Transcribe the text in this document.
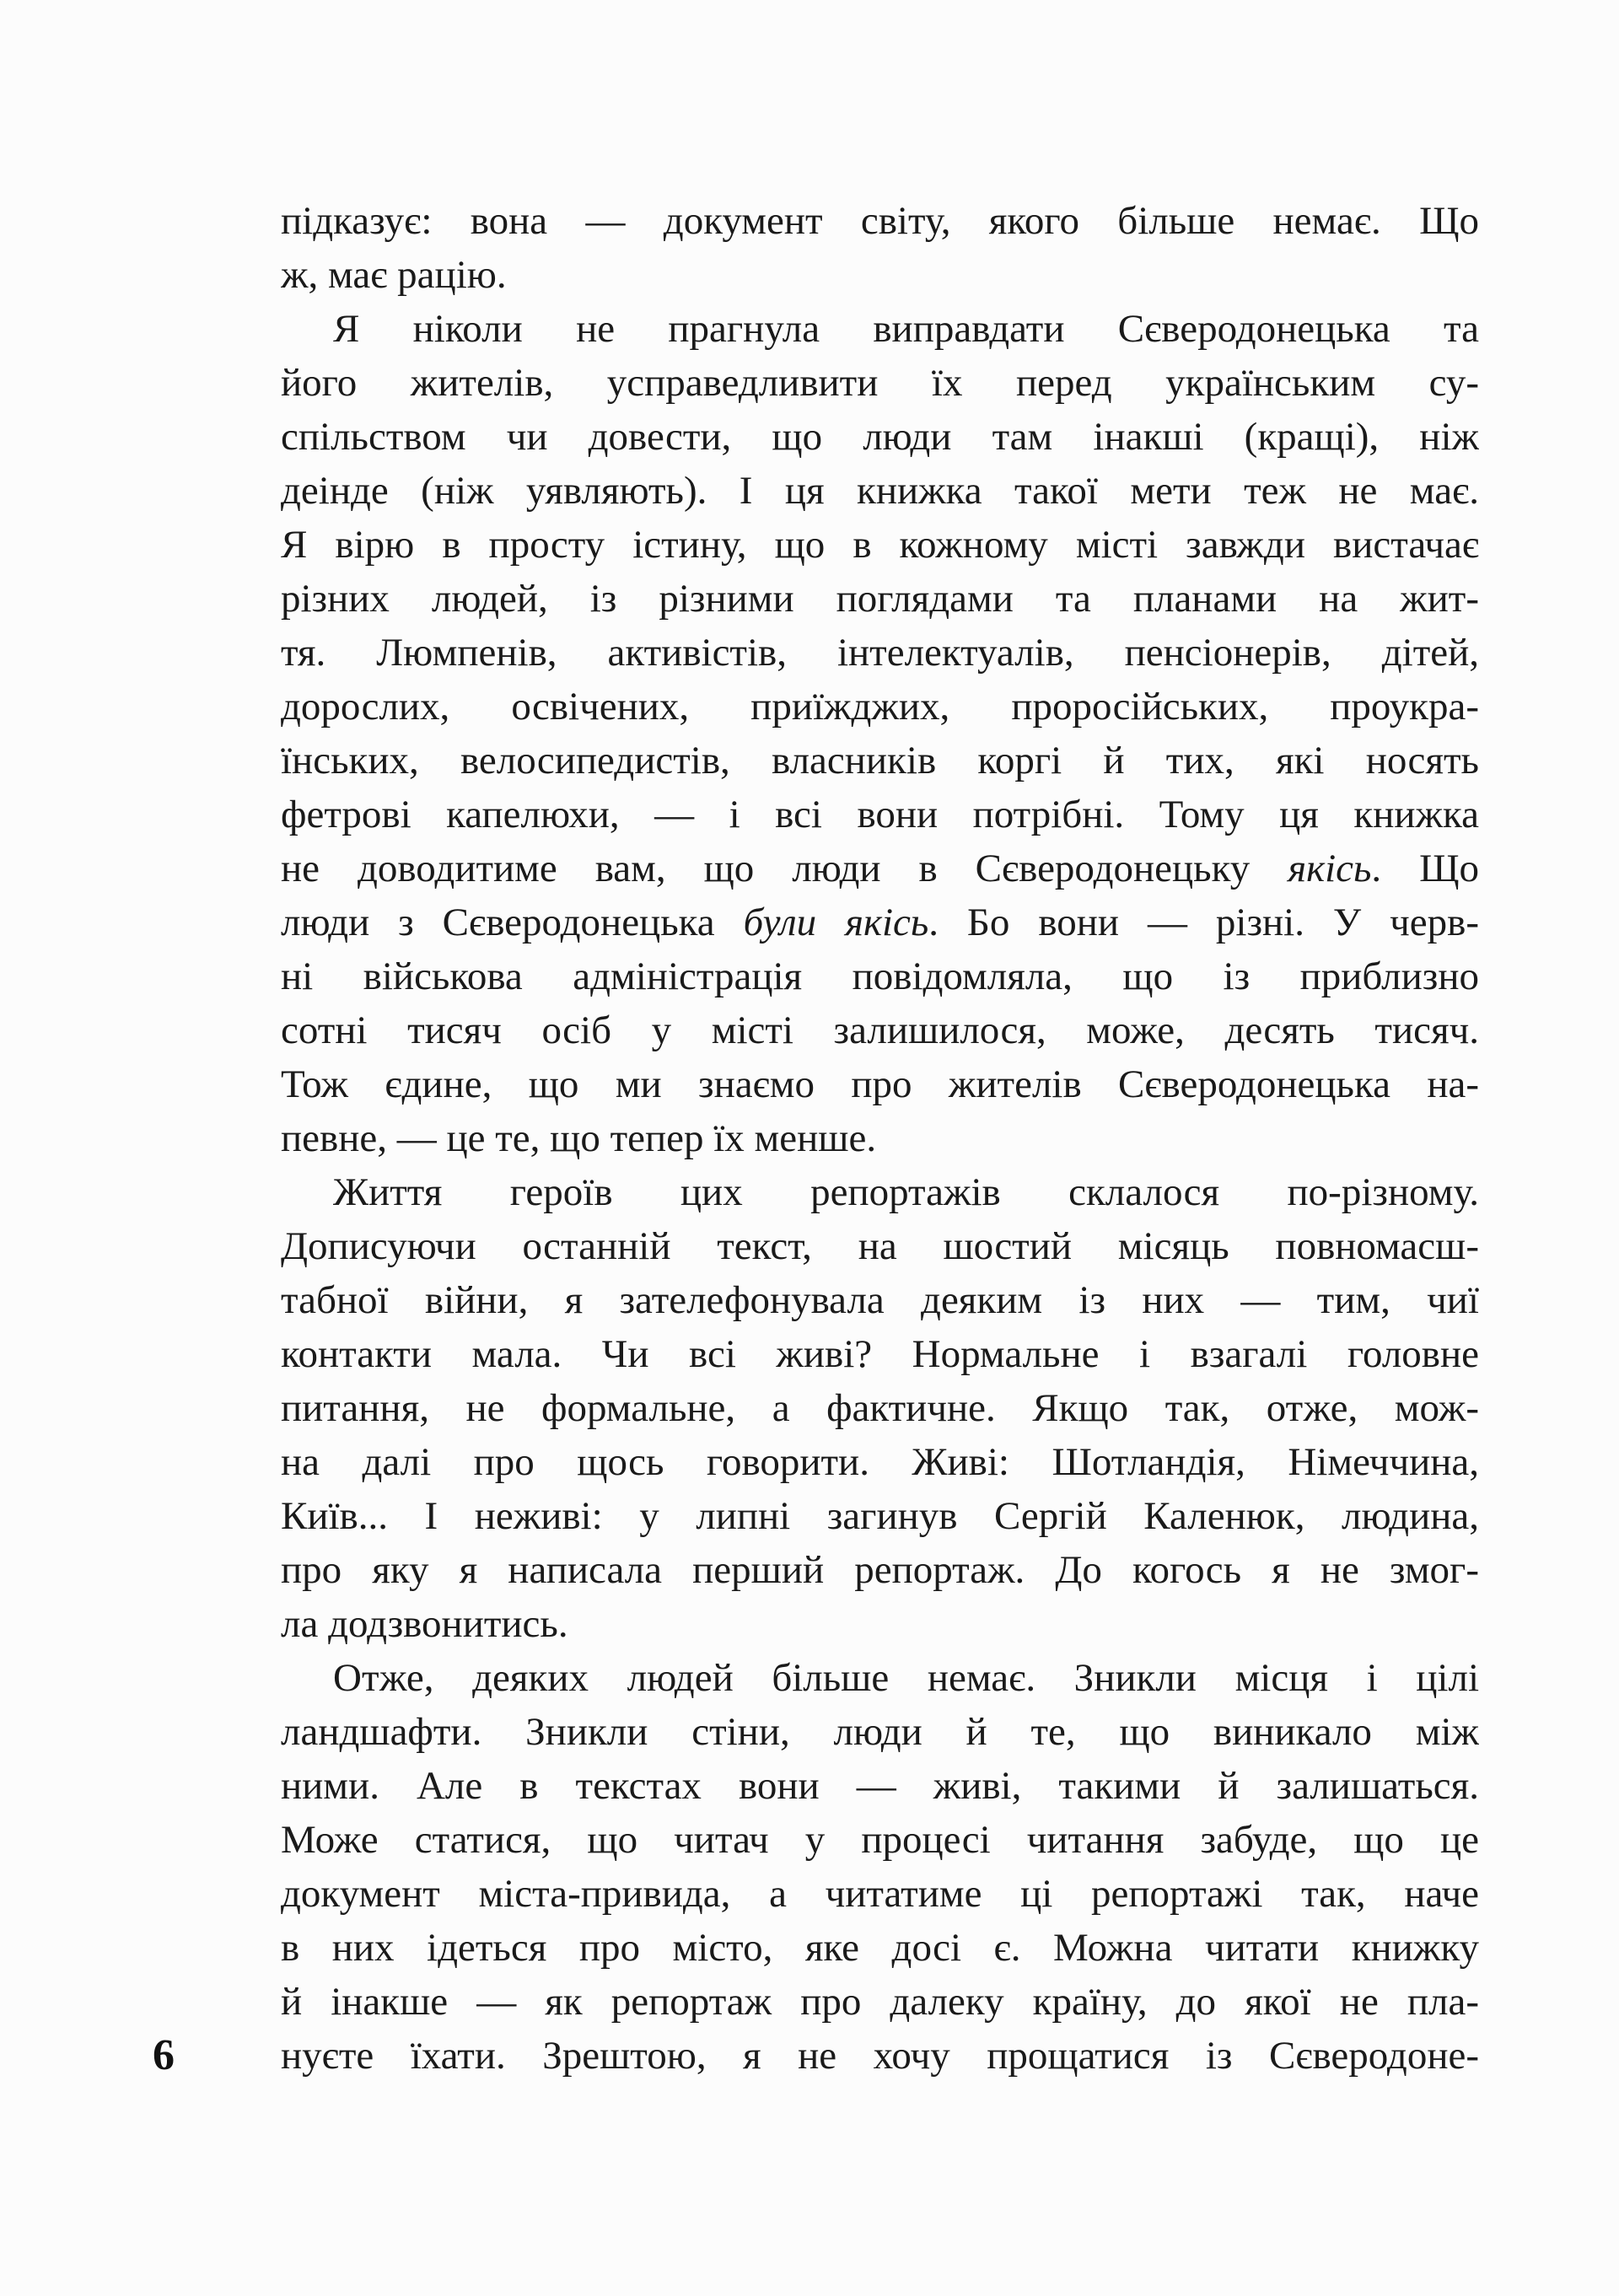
6
підказує: вона — документ світу, якого більше немає. Що
ж, має рацію.
Я ніколи не прагнула виправдати Сєверодонецька та
його жителів, усправедливити їх перед українським су-
спільством чи довести, що люди там інакші (кращі), ніж
деінде (ніж уявляють). І ця книжка такої мети теж не має.
Я вірю в просту істину, що в кожному місті завжди вистачає
різних людей, із різними поглядами та планами на жит-
тя. Люмпенів, активістів, інтелектуалів, пенсіонерів, дітей,
дорослих, освічених, приїжджих, проросійських, проукра-
їнських, велосипедистів, власників коргі й тих, які носять
фетрові капелюхи, — і всі вони потрібні. Тому ця книжка
не доводитиме вам, що люди в Сєверодонецьку якісь. Що
люди з Сєверодонецька були якісь. Бо вони — різні. У черв-
ні військова адміністрація повідомляла, що із приблизно
сотні тисяч осіб у місті залишилося, може, десять тисяч.
Тож єдине, що ми знаємо про жителів Сєверодонецька на-
певне, — це те, що тепер їх менше.
Життя героїв цих репортажів склалося по-різному.
Дописуючи останній текст, на шостий місяць повномасш-
табної війни, я зателефонувала деяким із них — тим, чиї
контакти мала. Чи всі живі? Нормальне і взагалі головне
питання, не формальне, а фактичне. Якщо так, отже, мож-
на далі про щось говорити. Живі: Шотландія, Німеччина,
Київ... І неживі: у липні загинув Сергій Каленюк, людина,
про яку я написала перший репортаж. До когось я не змог-
ла додзвонитись.
Отже, деяких людей більше немає. Зникли місця і цілі
ландшафти. Зникли стіни, люди й те, що виникало між
ними. Але в текстах вони — живі, такими й залишаться.
Може статися, що читач у процесі читання забуде, що це
документ міста-привида, а читатиме ці репортажі так, наче
в них ідеться про місто, яке досі є. Можна читати книжку
й інакше — як репортаж про далеку країну, до якої не пла-
нуєте їхати. Зрештою, я не хочу прощатися із Сєверодоне-
